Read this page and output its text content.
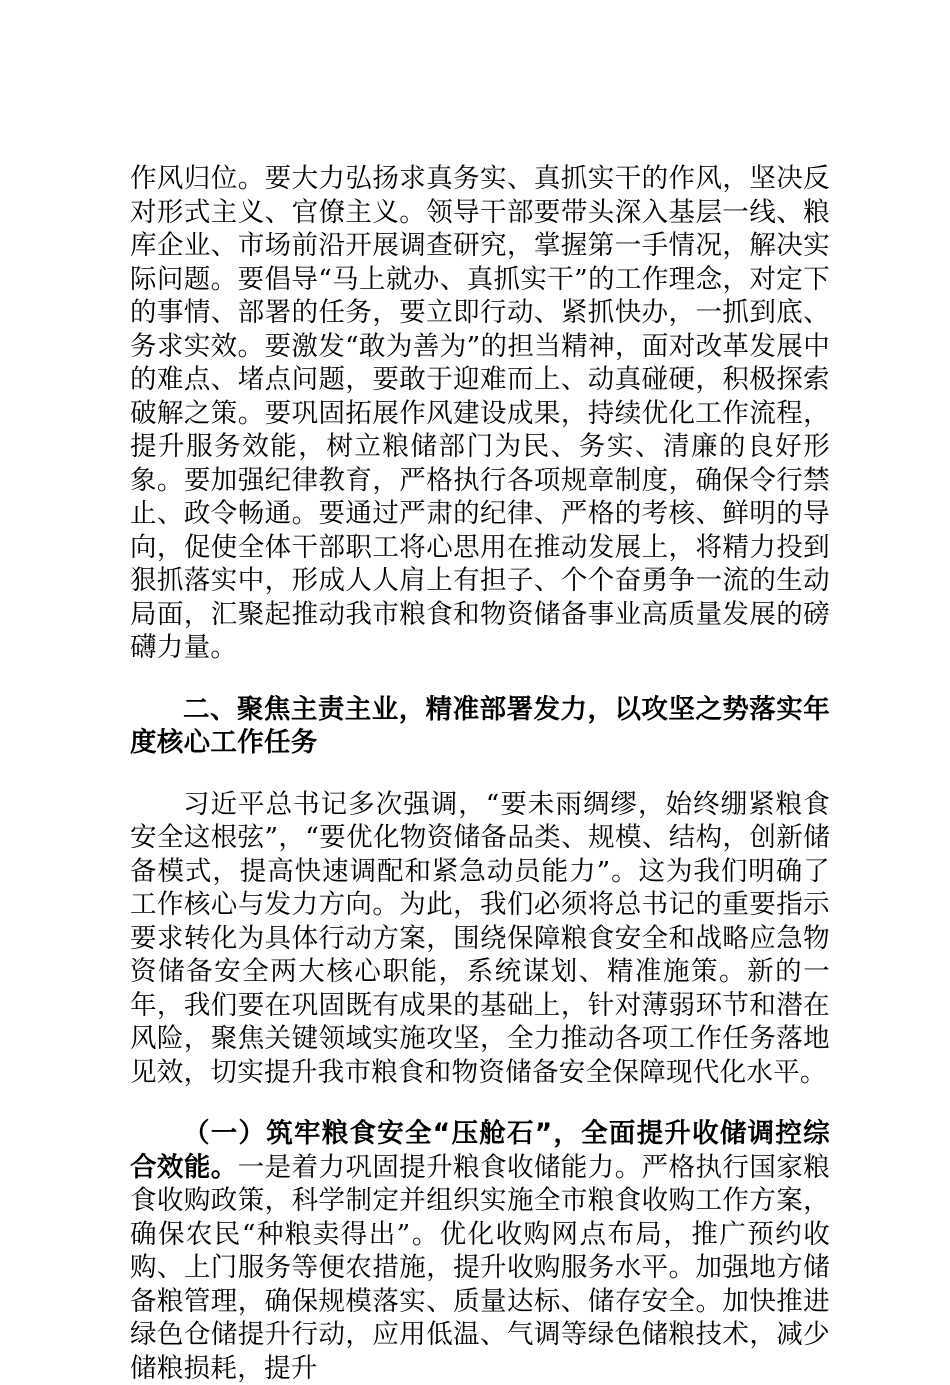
作风归位。要大力弘扬求真务实、真抓实干的作风，坚决反对形式主义、官僚主义。领导干部要带头深入基层一线、粮库企业、市场前沿开展调查研究，掌握第一手情况，解决实际问题。要倡导“马上就办、真抓实干”的工作理念，对定下的事情、部署的任务，要立即行动、紧抓快办，一抓到底、务求实效。要激发“敢为善为”的担当精神，面对改革发展中的难点、堵点问题，要敢于迎难而上、动真碰硬，积极探索破解之策。要巩固拓展作风建设成果，持续优化工作流程，提升服务效能，树立粮储部门为民、务实、清廉的良好形象。要加强纪律教育，严格执行各项规章制度，确保令行禁止、政令畅通。要通过严肃的纪律、严格的考核、鲜明的导向，促使全体干部职工将心思用在推动发展上，将精力投到狠抓落实中，形成人人肩上有担子、个个奋勇争一流的生动局面，汇聚起推动我市粮食和物资储备事业高质量发展的磅礴力量。

二、聚焦主责主业，精准部署发力，以攻坚之势落实年度核心工作任务

习近平总书记多次强调，“要未雨绸缪，始终绷紧粮食安全这根弦”，“要优化物资储备品类、规模、结构，创新储备模式，提高快速调配和紧急动员能力”。这为我们明确了工作核心与发力方向。为此，我们必须将总书记的重要指示要求转化为具体行动方案，围绕保障粮食安全和战略应急物资储备安全两大核心职能，系统谋划、精准施策。新的一年，我们要在巩固既有成果的基础上，针对薄弱环节和潜在风险，聚焦关键领域实施攻坚，全力推动各项工作任务落地见效，切实提升我市粮食和物资储备安全保障现代化水平。

（一）筑牢粮食安全“压舱石”，全面提升收储调控综合效能。一是着力巩固提升粮食收储能力。严格执行国家粮食收购政策，科学制定并组织实施全市粮食收购工作方案，确保农民“种粮卖得出”。优化收购网点布局，推广预约收购、上门服务等便农措施，提升收购服务水平。加强地方储备粮管理，确保规模落实、质量达标、储存安全。加快推进绿色仓储提升行动，应用低温、气调等绿色储粮技术，减少储粮损耗，提升
